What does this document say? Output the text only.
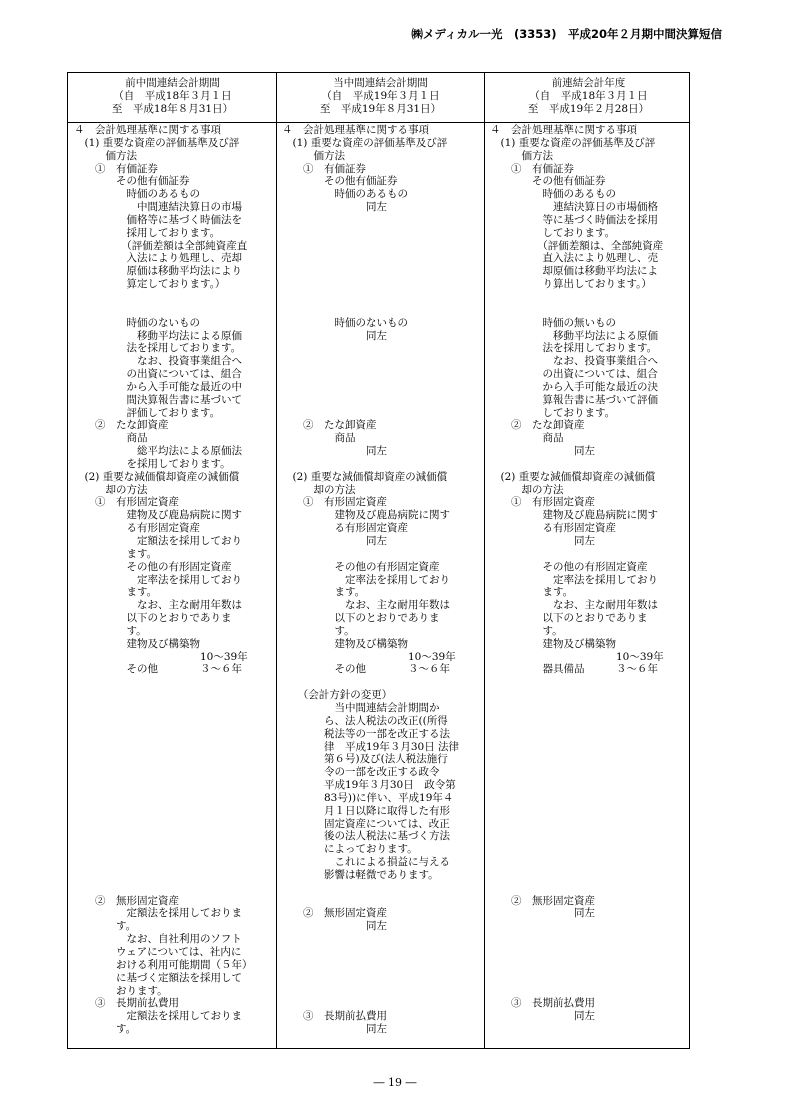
㈱メディカル一光　(3353)　平成20年２月期中間決算短信
前中間連結会計期間
（自　平成18年３月１日
至　平成18年８月31日）
当中間連結会計期間
（自　平成19年３月１日
至　平成19年８月31日）
前連結会計年度
（自　平成18年３月１日
至　平成19年２月28日）
４　会計処理基準に関する事項
　(1) 重要な資産の評価基準及び評
　　　価方法
　　①　有価証券
　　　　その他有価証券
　　　　　時価のあるもの
　　　　　　中間連結決算日の市場
　　　　　価格等に基づく時価法を
　　　　　採用しております。
　　　　　（評価差額は全部純資産直
　　　　　入法により処理し、売却
　　　　　原価は移動平均法により
　　　　　算定しております。）
　　　　　時価のないもの
　　　　　　移動平均法による原価
　　　　　法を採用しております。
　　　　　　なお、投資事業組合へ
　　　　　の出資については、組合
　　　　　から入手可能な最近の中
　　　　　間決算報告書に基づいて
　　　　　評価しております。
　　②　たな卸資産
　　　　　商品
　　　　　　総平均法による原価法
　　　　　を採用しております。
　(2) 重要な減価償却資産の減価償
　　　却の方法
　　①　有形固定資産
　　　　　建物及び鹿島病院に関す
　　　　　る有形固定資産
　　　　　　定額法を採用しており
　　　　　ます。
　　　　　その他の有形固定資産
　　　　　　定率法を採用しており
　　　　　ます。
　　　　　　なお、主な耐用年数は
　　　　　以下のとおりでありま
　　　　　す。
　　　　　建物及び構築物
　　　　　　　　　　　　10～39年
　　　　　その他　　　　３～６年
　　②　無形固定資産
　　　　　定額法を採用しておりま
　　　　す。
　　　　　なお、自社利用のソフト
　　　　ウェアについては、社内に
　　　　おける利用可能期間（５年）
　　　　に基づく定額法を採用して
　　　　おります。
　　③　長期前払費用
　　　　　定額法を採用しておりま
　　　　す。
４　会計処理基準に関する事項
　(1) 重要な資産の評価基準及び評
　　　価方法
　　①　有価証券
　　　　その他有価証券
　　　　　時価のあるもの
　　　　　　　　同左
　　　　　時価のないもの
　　　　　　　　同左
　　②　たな卸資産
　　　　　商品
　　　　　　　　同左
　(2) 重要な減価償却資産の減価償
　　　却の方法
　　①　有形固定資産
　　　　　建物及び鹿島病院に関す
　　　　　る有形固定資産
　　　　　　　　同左
　　　　　その他の有形固定資産
　　　　　　定率法を採用しており
　　　　　ます。
　　　　　　なお、主な耐用年数は
　　　　　以下のとおりでありま
　　　　　す。
　　　　　建物及び構築物
　　　　　　　　　　　　10～39年
　　　　　その他　　　　３～６年
　　（会計方針の変更）
　　　　　当中間連結会計期間か
　　　　ら、法人税法の改正((所得
　　　　税法等の一部を改正する法
　　　　律　平成19年３月30日 法律
　　　　第６号)及び(法人税法施行
　　　　令の一部を改正する政令
　　　　平成19年３月30日　政令第
　　　　83号))に伴い、平成19年４
　　　　月１日以降に取得した有形
　　　　固定資産については、改正
　　　　後の法人税法に基づく方法
　　　　によっております。
　　　　　これによる損益に与える
　　　　影響は軽微であります。
　　②　無形固定資産
　　　　　　　　同左
　　③　長期前払費用
　　　　　　　　同左
４　会計処理基準に関する事項
　(1) 重要な資産の評価基準及び評
　　　価方法
　　①　有価証券
　　　　その他有価証券
　　　　　時価のあるもの
　　　　　　連結決算日の市場価格
　　　　　等に基づく時価法を採用
　　　　　しております。
　　　　　（評価差額は、全部純資産
　　　　　直入法により処理し、売
　　　　　却原価は移動平均法によ
　　　　　り算出しております。）
　　　　　時価の無いもの
　　　　　　移動平均法による原価
　　　　　法を採用しております。
　　　　　　なお、投資事業組合へ
　　　　　の出資については、組合
　　　　　から入手可能な最近の決
　　　　　算報告書に基づいて評価
　　　　　しております。
　　②　たな卸資産
　　　　　商品
　　　　　　　　同左
　(2) 重要な減価償却資産の減価償
　　　却の方法
　　①　有形固定資産
　　　　　建物及び鹿島病院に関す
　　　　　る有形固定資産
　　　　　　　　同左
　　　　　その他の有形固定資産
　　　　　　定率法を採用しており
　　　　　ます。
　　　　　　なお、主な耐用年数は
　　　　　以下のとおりでありま
　　　　　す。
　　　　　建物及び構築物
　　　　　　　　　　　　10～39年
　　　　　器具備品　　　３～６年
　　②　無形固定資産
　　　　　　　　同左
　　③　長期前払費用
　　　　　　　　同左
― 19 ―
